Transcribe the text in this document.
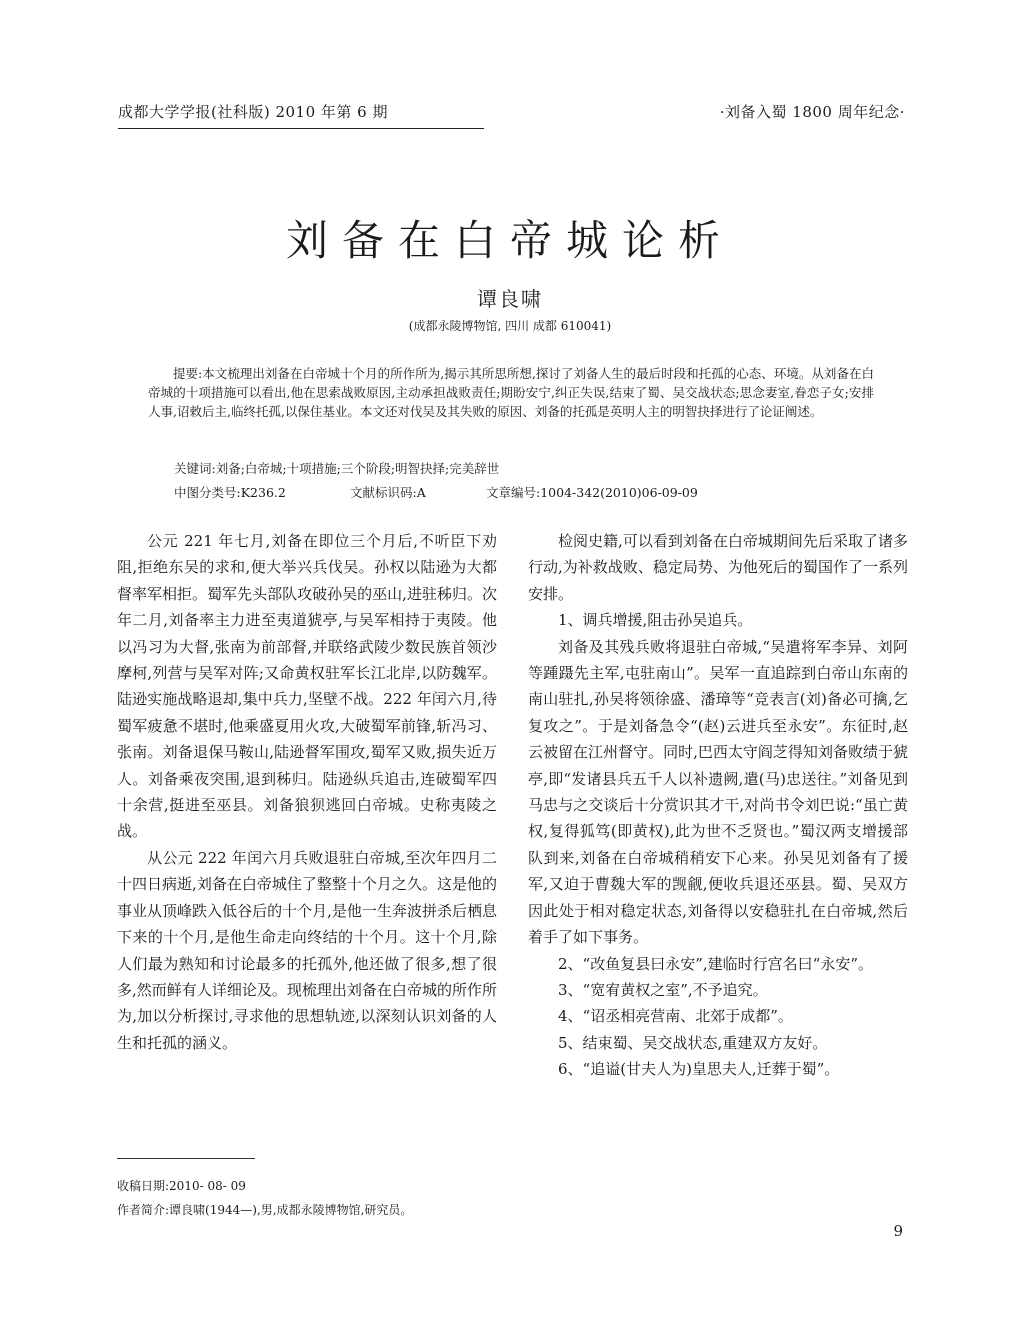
成都大学学报(社科版) 2010 年第 6 期	·刘备入蜀 1800 周年纪念·
刘备在白帝城论析
谭良啸
(成都永陵博物馆, 四川 成都 610041)

提要:本文梳理出刘备在白帝城十个月的所作所为,揭示其所思所想,探讨了刘备人生的最后时段和托孤的心态、环境。从刘备在白帝城的十项措施可以看出,他在思索战败原因,主动承担战败责任;期盼安宁,纠正失误,结束了蜀、吴交战状态;思念妻室,眷恋子女;安排人事,诏敕后主,临终托孤,以保住基业。本文还对伐吴及其失败的原因、刘备的托孤是英明人主的明智抉择进行了论证阐述。

关键词:刘备;白帝城;十项措施;三个阶段;明智抉择;完美辞世
中图分类号:K236.2	文献标识码:A	文章编号:1004-342(2010)06-09-09

公元 221 年七月,刘备在即位三个月后,不听臣下劝阻,拒绝东吴的求和,便大举兴兵伐吴。孙权以陆逊为大都督率军相拒。蜀军先头部队攻破孙吴的巫山,进驻秭归。次年二月,刘备率主力进至夷道猇亭,与吴军相持于夷陵。他以冯习为大督,张南为前部督,并联络武陵少数民族首领沙摩柯,列营与吴军对阵;又命黄权驻军长江北岸,以防魏军。陆逊实施战略退却,集中兵力,坚壁不战。222 年闰六月,待蜀军疲惫不堪时,他乘盛夏用火攻,大破蜀军前锋,斩冯习、张南。刘备退保马鞍山,陆逊督军围攻,蜀军又败,损失近万人。刘备乘夜突围,退到秭归。陆逊纵兵追击,连破蜀军四十余营,挺进至巫县。刘备狼狈逃回白帝城。史称夷陵之战。

从公元 222 年闰六月兵败退驻白帝城,至次年四月二十四日病逝,刘备在白帝城住了整整十个月之久。这是他的事业从顶峰跌入低谷后的十个月,是他一生奔波拼杀后栖息下来的十个月,是他生命走向终结的十个月。这十个月,除人们最为熟知和讨论最多的托孤外,他还做了很多,想了很多,然而鲜有人详细论及。现梳理出刘备在白帝城的所作所为,加以分析探讨,寻求他的思想轨迹,以深刻认识刘备的人生和托孤的涵义。

检阅史籍,可以看到刘备在白帝城期间先后采取了诸多行动,为补救战败、稳定局势、为他死后的蜀国作了一系列安排。

1、调兵增援,阻击孙吴追兵。

刘备及其残兵败将退驻白帝城,“吴遣将军李异、刘阿等踵蹑先主军,屯驻南山”。吴军一直追踪到白帝山东南的南山驻扎,孙吴将领徐盛、潘璋等“竞表言(刘)备必可擒,乞复攻之”。于是刘备急令“(赵)云进兵至永安”。东征时,赵云被留在江州督守。同时,巴西太守阎芝得知刘备败绩于猇亭,即“发诸县兵五千人以补遗阙,遣(马)忠送往。”刘备见到马忠与之交谈后十分赏识其才干,对尚书令刘巴说:“虽亡黄权,复得狐笃(即黄权),此为世不乏贤也。”蜀汉两支增援部队到来,刘备在白帝城稍稍安下心来。孙吴见刘备有了援军,又迫于曹魏大军的觊觎,便收兵退还巫县。蜀、吴双方因此处于相对稳定状态,刘备得以安稳驻扎在白帝城,然后着手了如下事务。

2、“改鱼复县曰永安”,建临时行宫名曰“永安”。

3、“宽宥黄权之室”,不予追究。

4、“诏丞相亮营南、北郊于成都”。

5、结束蜀、吴交战状态,重建双方友好。

6、“追谥(甘夫人为)皇思夫人,迁葬于蜀”。

收稿日期:2010- 08- 09
作者简介:谭良啸(1944—),男,成都永陵博物馆,研究员。
9
